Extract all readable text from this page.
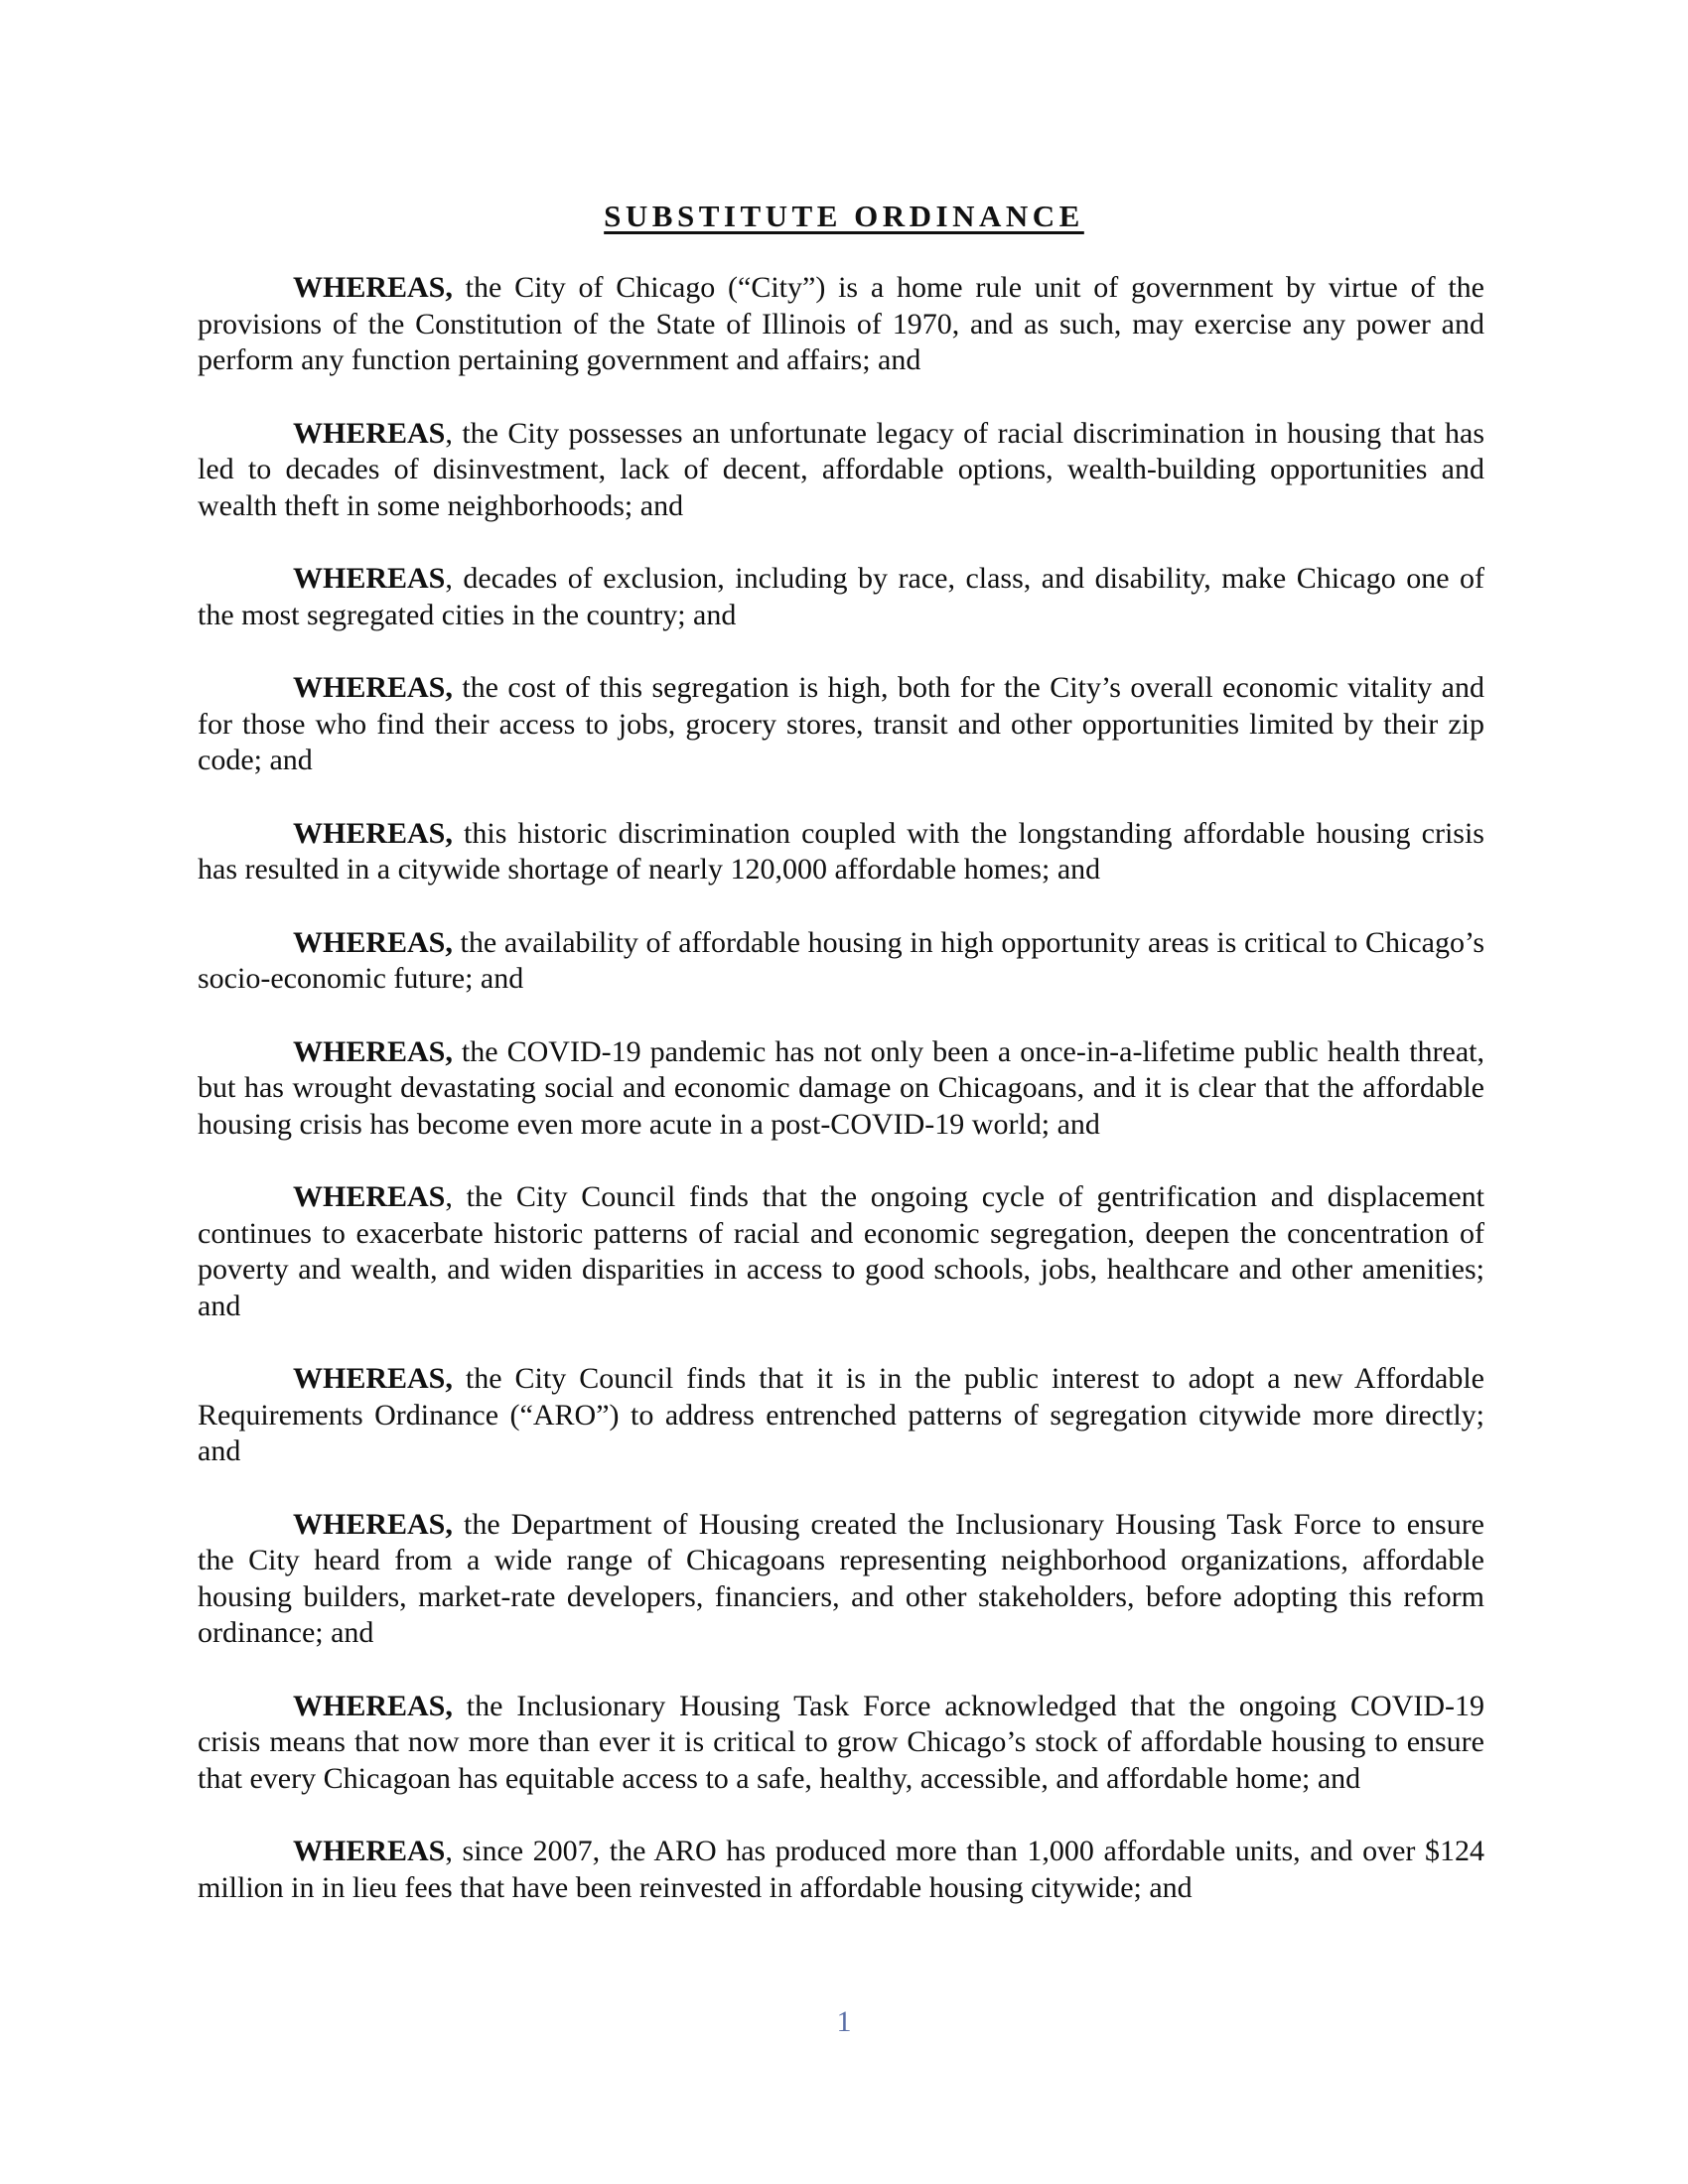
SUBSTITUTE ORDINANCE

WHEREAS, the City of Chicago (“City”) is a home rule unit of government by virtue of the provisions of the Constitution of the State of Illinois of 1970, and as such, may exercise any power and perform any function pertaining government and affairs; and

WHEREAS, the City possesses an unfortunate legacy of racial discrimination in housing that has led to decades of disinvestment, lack of decent, affordable options, wealth-building opportunities and wealth theft in some neighborhoods; and

WHEREAS, decades of exclusion, including by race, class, and disability, make Chicago one of the most segregated cities in the country; and

WHEREAS, the cost of this segregation is high, both for the City’s overall economic vitality and for those who find their access to jobs, grocery stores, transit and other opportunities limited by their zip code; and

WHEREAS, this historic discrimination coupled with the longstanding affordable housing crisis has resulted in a citywide shortage of nearly 120,000 affordable homes; and

WHEREAS, the availability of affordable housing in high opportunity areas is critical to Chicago’s socio-economic future; and

WHEREAS, the COVID-19 pandemic has not only been a once-in-a-lifetime public health threat, but has wrought devastating social and economic damage on Chicagoans, and it is clear that the affordable housing crisis has become even more acute in a post-COVID-19 world; and

WHEREAS, the City Council finds that the ongoing cycle of gentrification and displacement continues to exacerbate historic patterns of racial and economic segregation, deepen the concentration of poverty and wealth, and widen disparities in access to good schools, jobs, healthcare and other amenities; and

WHEREAS, the City Council finds that it is in the public interest to adopt a new Affordable Requirements Ordinance (“ARO”) to address entrenched patterns of segregation citywide more directly; and

WHEREAS, the Department of Housing created the Inclusionary Housing Task Force to ensure the City heard from a wide range of Chicagoans representing neighborhood organizations, affordable housing builders, market-rate developers, financiers, and other stakeholders, before adopting this reform ordinance; and

WHEREAS, the Inclusionary Housing Task Force acknowledged that the ongoing COVID-19 crisis means that now more than ever it is critical to grow Chicago’s stock of affordable housing to ensure that every Chicagoan has equitable access to a safe, healthy, accessible, and affordable home; and

WHEREAS, since 2007, the ARO has produced more than 1,000 affordable units, and over $124 million in in lieu fees that have been reinvested in affordable housing citywide; and

1
